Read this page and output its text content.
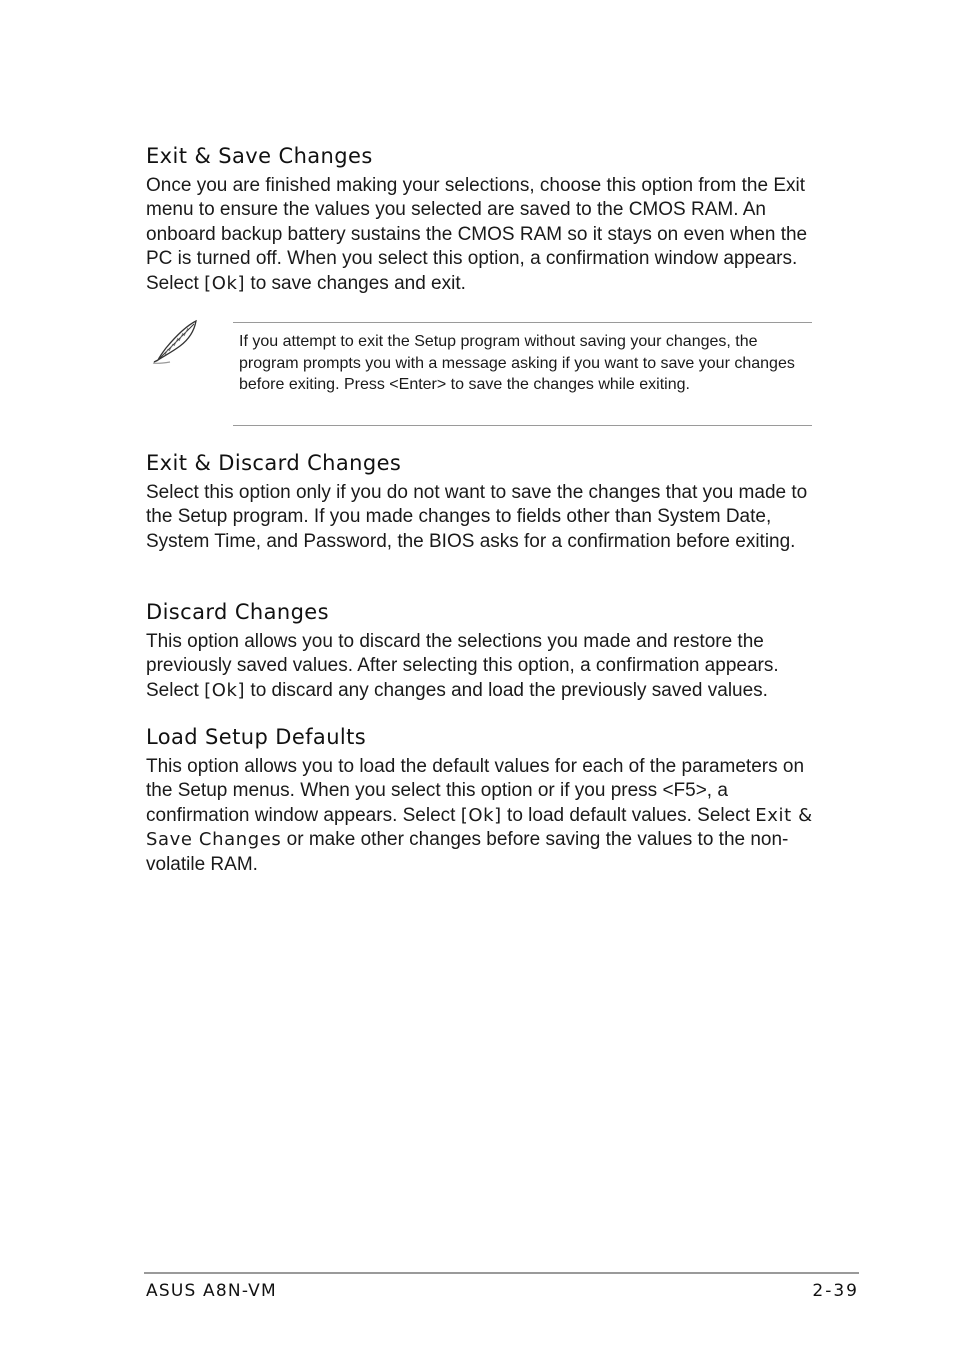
Exit & Save Changes

Once you are finished making your selections, choose this option from the Exit menu to ensure the values you selected are saved to the CMOS RAM. An onboard backup battery sustains the CMOS RAM so it stays on even when the PC is turned off. When you select this option, a confirmation window appears. Select [Ok] to save changes and exit.

If you attempt to exit the Setup program without saving your changes, the program prompts you with a message asking if you want to save your changes before exiting. Press <Enter> to save the changes while exiting.

Exit & Discard Changes

Select this option only if you do not want to save the changes that you made to the Setup program. If you made changes to fields other than System Date, System Time, and Password, the BIOS asks for a confirmation before exiting.

Discard Changes

This option allows you to discard the selections you made and restore the previously saved values. After selecting this option, a confirmation appears. Select [Ok] to discard any changes and load the previously saved values.

Load Setup Defaults

This option allows you to load the default values for each of the parameters on the Setup menus. When you select this option or if you press <F5>, a confirmation window appears. Select [Ok] to load default values. Select Exit & Save Changes or make other changes before saving the values to the non-volatile RAM.

ASUS A8N-VM	2-39
